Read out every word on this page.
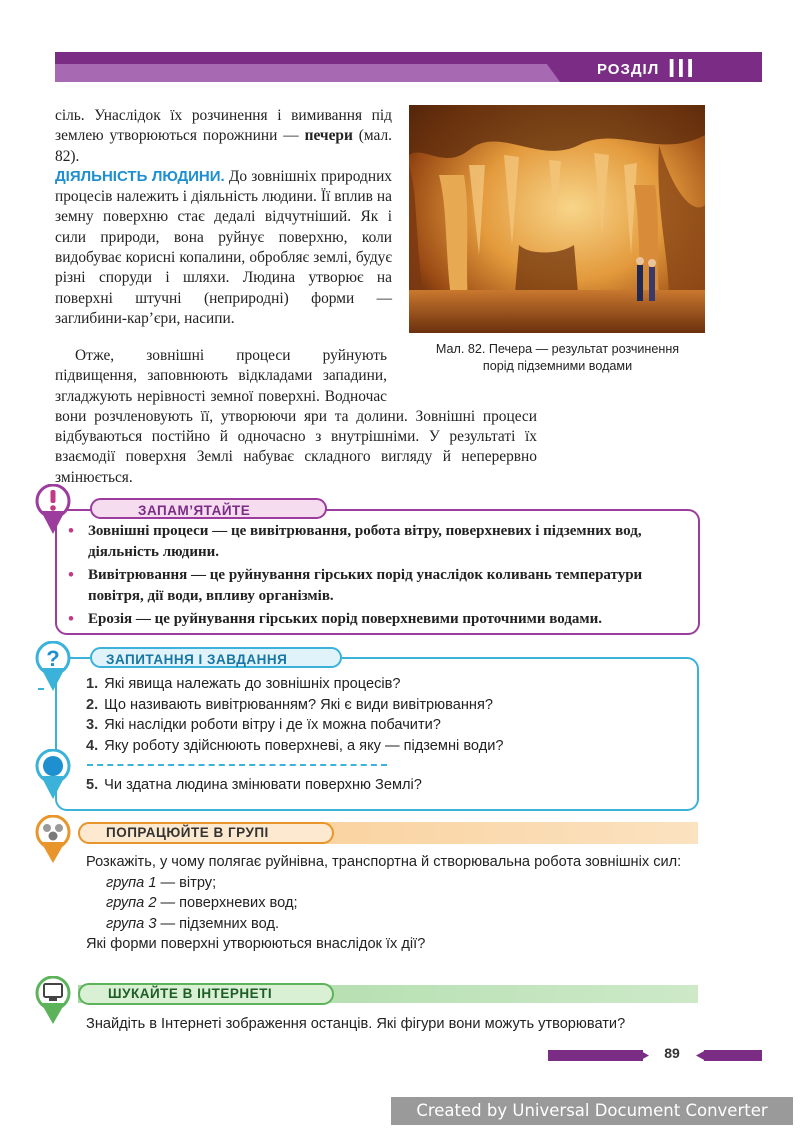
РОЗДІЛ III

сіль. Унаслідок їх розчинення і вимивання під землею утворюються порожнини — печери (мал. 82).

ДІЯЛЬНІСТЬ ЛЮДИНИ. До зовнішніх природних процесів належить і діяльність людини. Її вплив на земну поверхню стає дедалі відчутніший. Як і сили природи, вона руйнує поверхню, коли видобуває корисні копалини, обробляє землі, будує різні споруди і шляхи. Людина утворює на поверхні штучні (неприродні) форми — заглибини-кар’єри, насипи.

Отже, зовнішні процеси руйнують підвищення, заповнюють відкладами западини, згладжують нерівності земної поверхні. Водночас вони розчленовують її, утворюючи яри та долини. Зовнішні процеси відбуваються постійно й одночасно з внутрішніми. У результаті їх взаємодії поверхня Землі набуває складного вигляду й неперервно змінюється.

Мал. 82. Печера — результат розчинення
порід підземними водами
ЗАПАМ’ЯТАЙТЕ
• Зовнішні процеси — це вивітрювання, робота вітру, поверхневих і підземних вод, діяльність людини.
• Вивітрювання — це руйнування гірських порід унаслідок коливань температури повітря, дії води, впливу організмів.
• Ерозія — це руйнування гірських порід поверхневими проточними водами.
ЗАПИТАННЯ І ЗАВДАННЯ
?
1. Які явища належать до зовнішніх процесів?
2. Що називають вивітрюванням? Які є види вивітрювання?
3. Які наслідки роботи вітру і де їх можна побачити?
4. Яку роботу здійснюють поверхневі, а яку — підземні води?
5. Чи здатна людина змінювати поверхню Землі?
ПОПРАЦЮЙТЕ В ГРУПІ
Розкажіть, у чому полягає руйнівна, транспортна й створювальна робота зовнішніх сил:
група 1 — вітру;
група 2 — поверхневих вод;
група 3 — підземних вод.
Які форми поверхні утворюються внаслідок їх дії?
ШУКАЙТЕ В ІНТЕРНЕТІ
Знайдіть в Інтернеті зображення останців. Які фігури вони можуть утворювати?
89
Created by Universal Document Converter
